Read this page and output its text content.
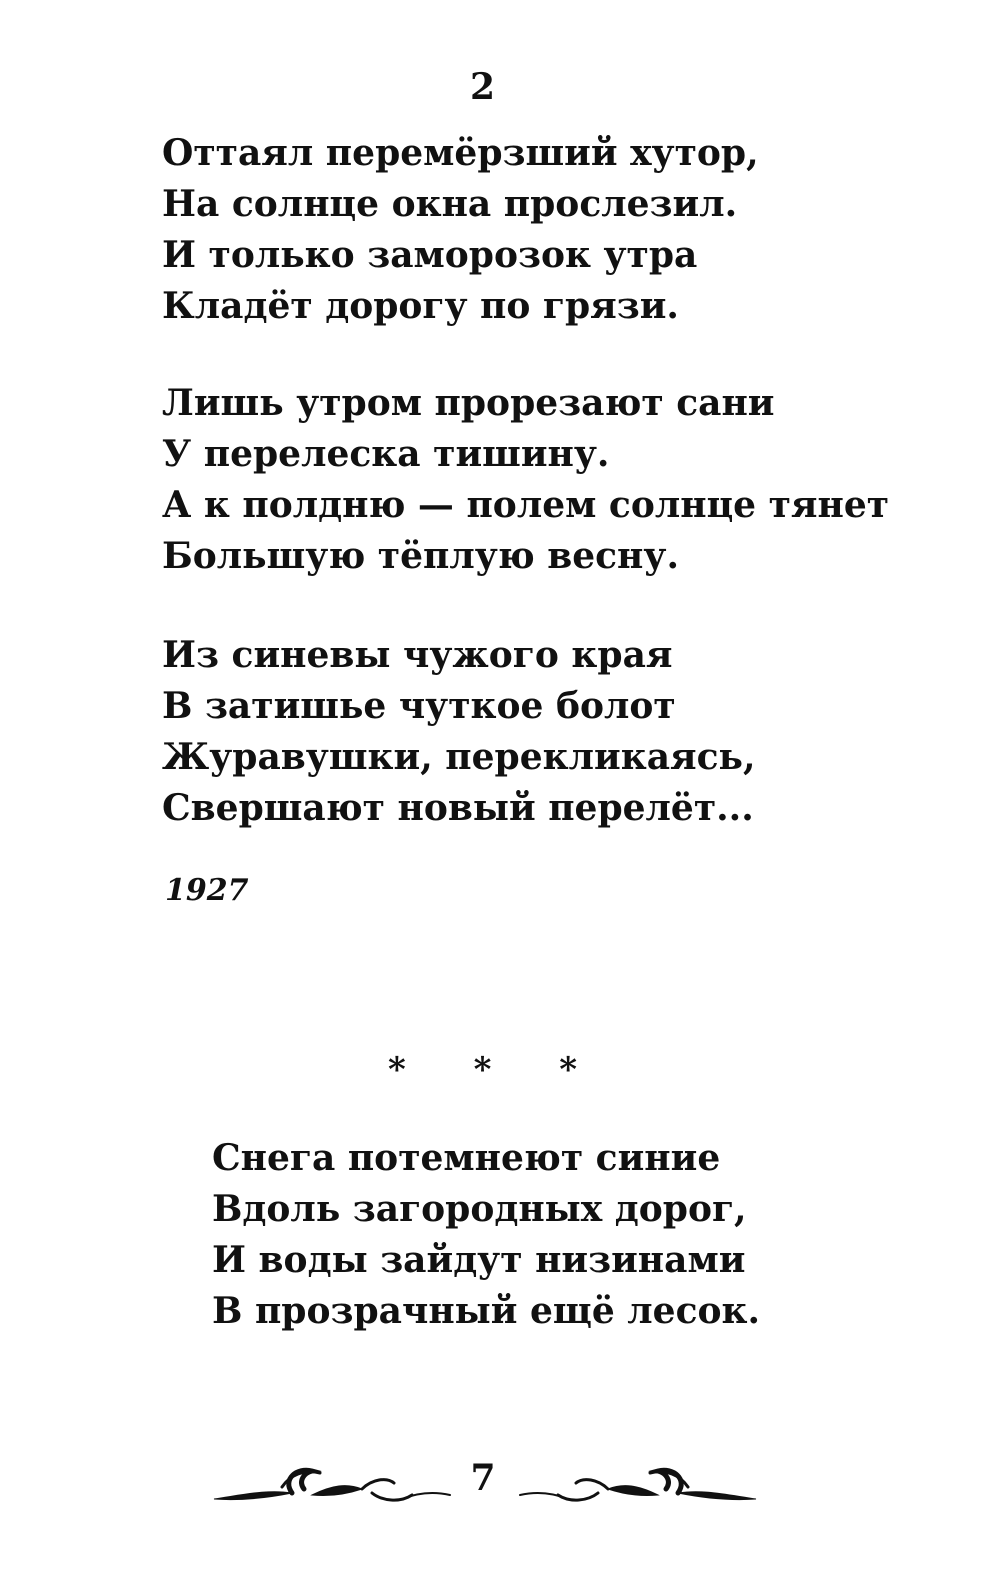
2
Оттаял перемёрзший хутор,
На солнце окна прослезил.
И только заморозок утра
Кладёт дорогу по грязи.
Лишь утром прорезают сани
У перелеска тишину.
А к полдню — полем солнце тянет
Большую тёплую весну.
Из синевы чужого края
В затишье чуткое болот
Журавушки, перекликаясь,
Свершают новый перелёт...
1927
* * *
Снега потемнеют синие
Вдоль загородных дорог,
И воды зайдут низинами
В прозрачный ещё лесок.
7
